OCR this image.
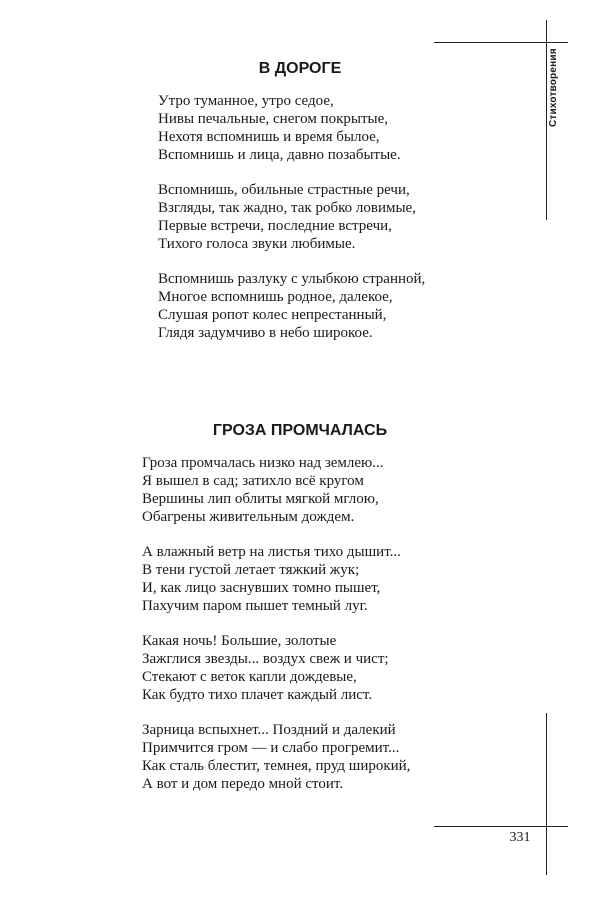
Стихотворения
В ДОРОГЕ
Утро туманное, утро седое,
Нивы печальные, снегом покрытые,
Нехотя вспомнишь и время былое,
Вспомнишь и лица, давно позабытые.
Вспомнишь, обильные страстные речи,
Взгляды, так жадно, так робко ловимые,
Первые встречи, последние встречи,
Тихого голоса звуки любимые.
Вспомнишь разлуку с улыбкою странной,
Многое вспомнишь родное, далекое,
Слушая ропот колес непрестанный,
Глядя задумчиво в небо широкое.
ГРОЗА ПРОМЧАЛАСЬ
Гроза промчалась низко над землею...
Я вышел в сад; затихло всё кругом
Вершины лип облиты мягкой мглою,
Обагрены живительным дождем.
А влажный ветр на листья тихо дышит...
В тени густой летает тяжкий жук;
И, как лицо заснувших томно пышет,
Пахучим паром пышет темный луг.
Какая ночь! Большие, золотые
Зажглися звезды... воздух свеж и чист;
Стекают с веток капли дождевые,
Как будто тихо плачет каждый лист.
Зарница вспыхнет... Поздний и далекий
Примчится гром — и слабо прогремит...
Как сталь блестит, темнея, пруд широкий,
А вот и дом передо мной стоит.
331
